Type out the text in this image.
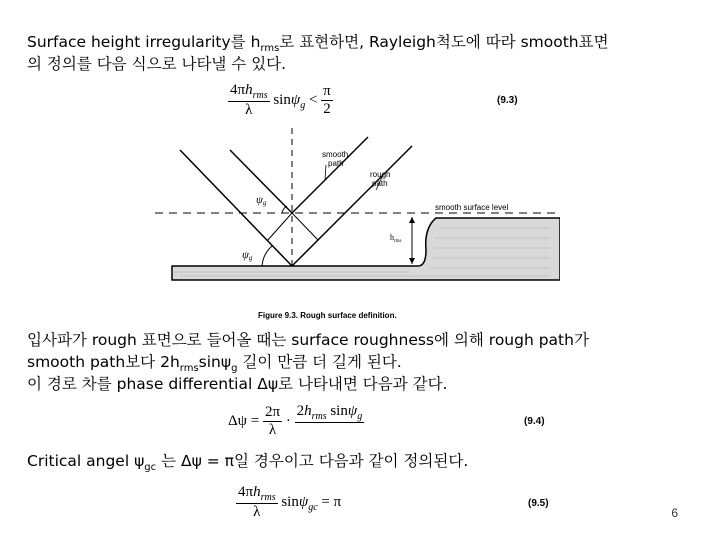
Surface height irregularity를 $h_{rms}$로 표현하면, Rayleigh척도에 따라 smooth표면
의 정의를 다음 식으로 나타낼 수 있다.
$\frac{4\pi h_{rms}}{\lambda} \sin\psi_g < \frac{\pi}{2}$	(9.3)
smooth
path
rough
path
smooth surface level
ψg
ψg
$h_{rms}$
Figure 9.3. Rough surface definition.
입사파가 rough 표면으로 들어올 때는 surface roughness에 의해 rough path가
smooth path보다 $2h_{rms}\sin\psi_g$ 길이 만큼 더 길게 된다.
이 경로 차를 phase differential Δψ로 나타내면 다음과 같다.
$\Delta\psi = \frac{2\pi}{\lambda}$ ·
$2h_{rms}$ sinψ$_g$
	(9.4)
Critical angel $\psi_{gc}$ 는 Δψ = π일 경우이고 다음과 같이 정의된다.
$\frac{4\pi h_{rms}}{\lambda} \sin\psi_{gc} = \pi$	(9.5)
6
